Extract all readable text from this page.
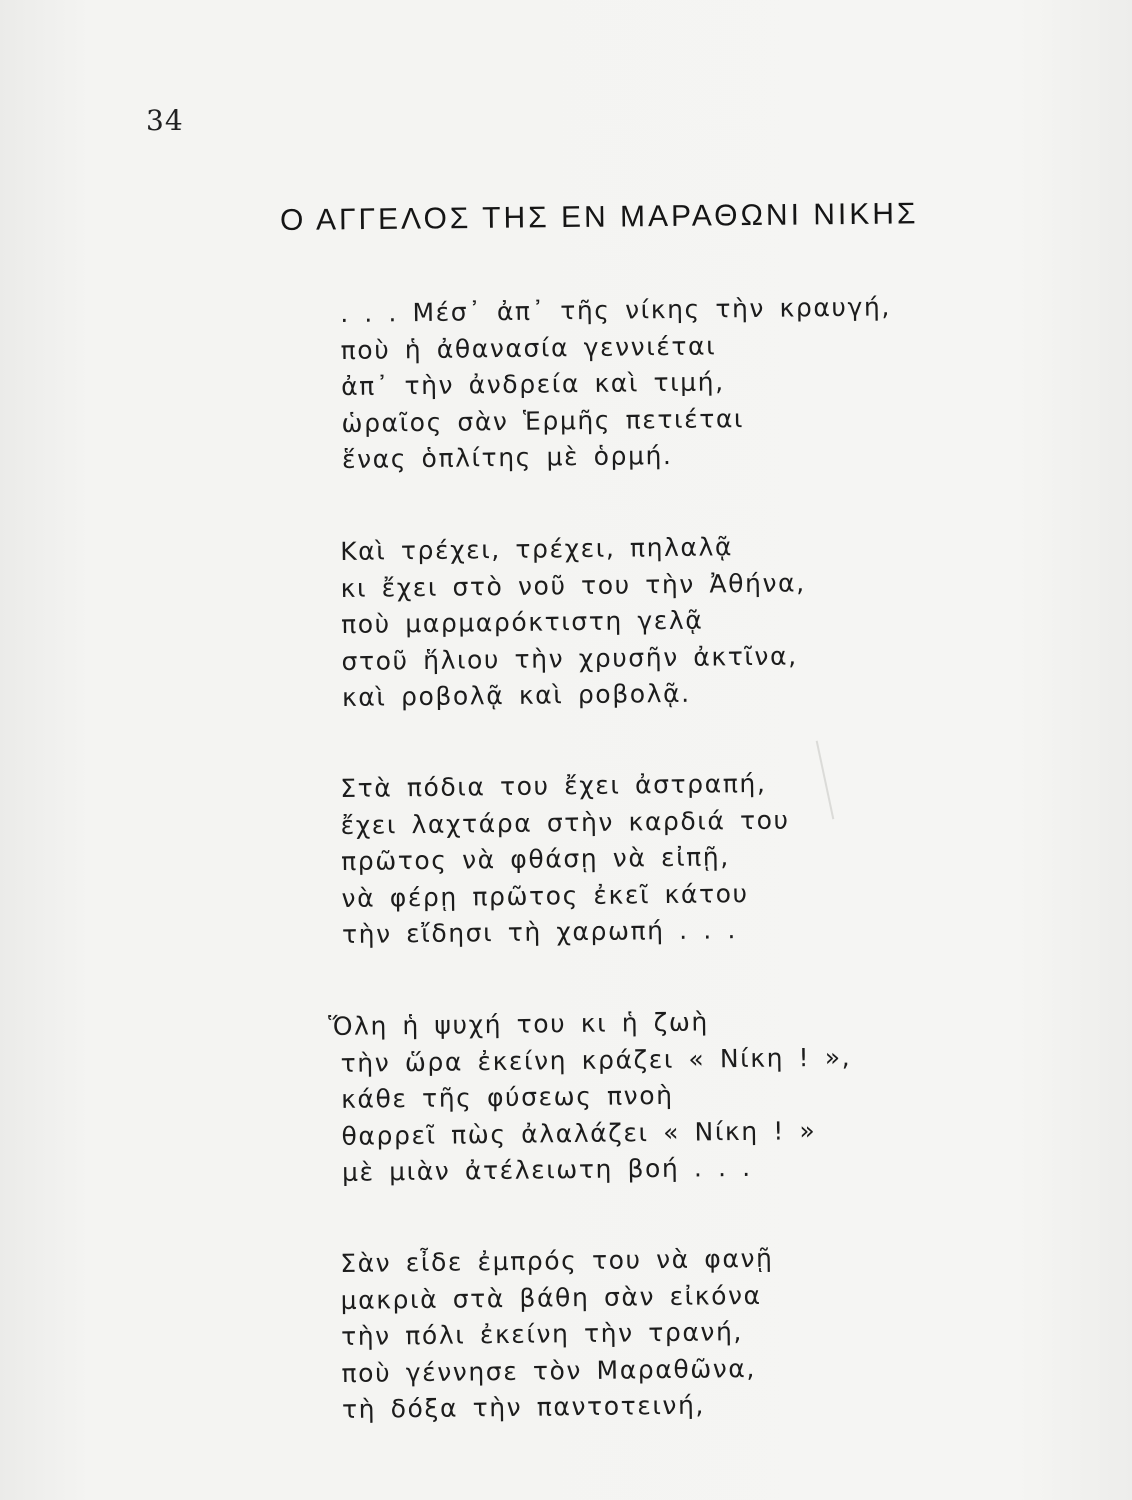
34
Ο ΑΓΓΕΛΟΣ ΤΗΣ ΕΝ ΜΑΡΑΘΩΝΙ ΝΙΚΗΣ
. . . Μέσ᾽ ἀπ᾽ τῆς νίκης τὴν κραυγή,
ποὺ ἡ ἀθανασία γεννιέται
ἀπ᾽ τὴν ἀνδρεία καὶ τιμή,
ὡραῖος σὰν Ἑρμῆς πετιέται
ἕνας ὁπλίτης μὲ ὁρμή.
Καὶ τρέχει, τρέχει, πηλαλᾷ
κι ἔχει στὸ νοῦ του τὴν Ἀθήνα,
ποὺ μαρμαρόκτιστη γελᾷ
στοῦ ἥλιου τὴν χρυσῆν ἀκτῖνα,
καὶ ροβολᾷ καὶ ροβολᾷ.
Στὰ πόδια του ἔχει ἀστραπή,
ἔχει λαχτάρα στὴν καρδιά του
πρῶτος νὰ φθάσῃ νὰ εἰπῇ,
νὰ φέρῃ πρῶτος ἐκεῖ κάτου
τὴν εἴδησι τὴ χαρωπή . . .
Ὅλη ἡ ψυχή του κι ἡ ζωὴ
τὴν ὥρα ἐκείνη κράζει « Νίκη ! »,
κάθε τῆς φύσεως πνοὴ
θαρρεῖ πὼς ἀλαλάζει « Νίκη ! »
μὲ μιὰν ἀτέλειωτη βοή . . .
Σὰν εἶδε ἐμπρός του νὰ φανῇ
μακριὰ στὰ βάθη σὰν εἰκόνα
τὴν πόλι ἐκείνη τὴν τρανή,
ποὺ γέννησε τὸν Μαραθῶνα,
τὴ δόξα τὴν παντοτεινή,
